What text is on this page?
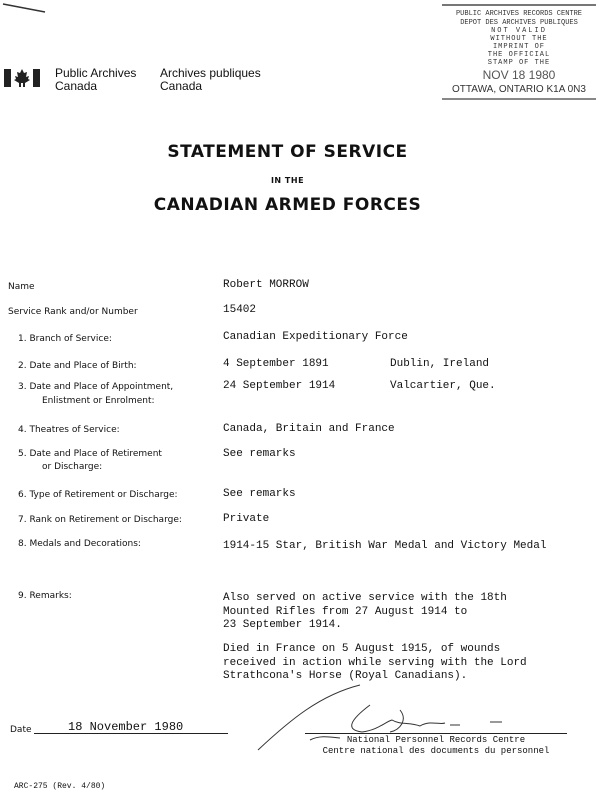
PUBLIC ARCHIVES RECORDS CENTRE
DEPOT DES ARCHIVES PUBLIQUES
NOT VALID
WITHOUT THE
IMPRINT OF
THE OFFICIAL
STAMP OF THE
NOV 18 1980
OTTAWA, ONTARIO K1A 0N3
Public Archives
Canada
Archives publiques
Canada
STATEMENT OF SERVICE
IN THE
CANADIAN ARMED FORCES
Name	Robert MORROW
Service Rank and/or Number	15402
1. Branch of Service:	Canadian Expeditionary Force
2. Date and Place of Birth:	4 September 1891	Dublin, Ireland
3. Date and Place of Appointment,
Enlistment or Enrolment:
24 September 1914	Valcartier, Que.
4. Theatres of Service:	Canada, Britain and France
5. Date and Place of Retirement
or Discharge:
See remarks
6. Type of Retirement or Discharge:	See remarks
7. Rank on Retirement or Discharge:	Private
8. Medals and Decorations:	1914-15 Star, British War Medal and Victory Medal
9. Remarks:	Also served on active service with the 18th
Mounted Rifles from 27 August 1914 to
23 September 1914.
Died in France on 5 August 1915, of wounds
received in action while serving with the Lord
Strathcona's Horse (Royal Canadians).
Date	18 November 1980
National Personnel Records Centre
Centre national des documents du personnel
ARC-275 (Rev. 4/80)
